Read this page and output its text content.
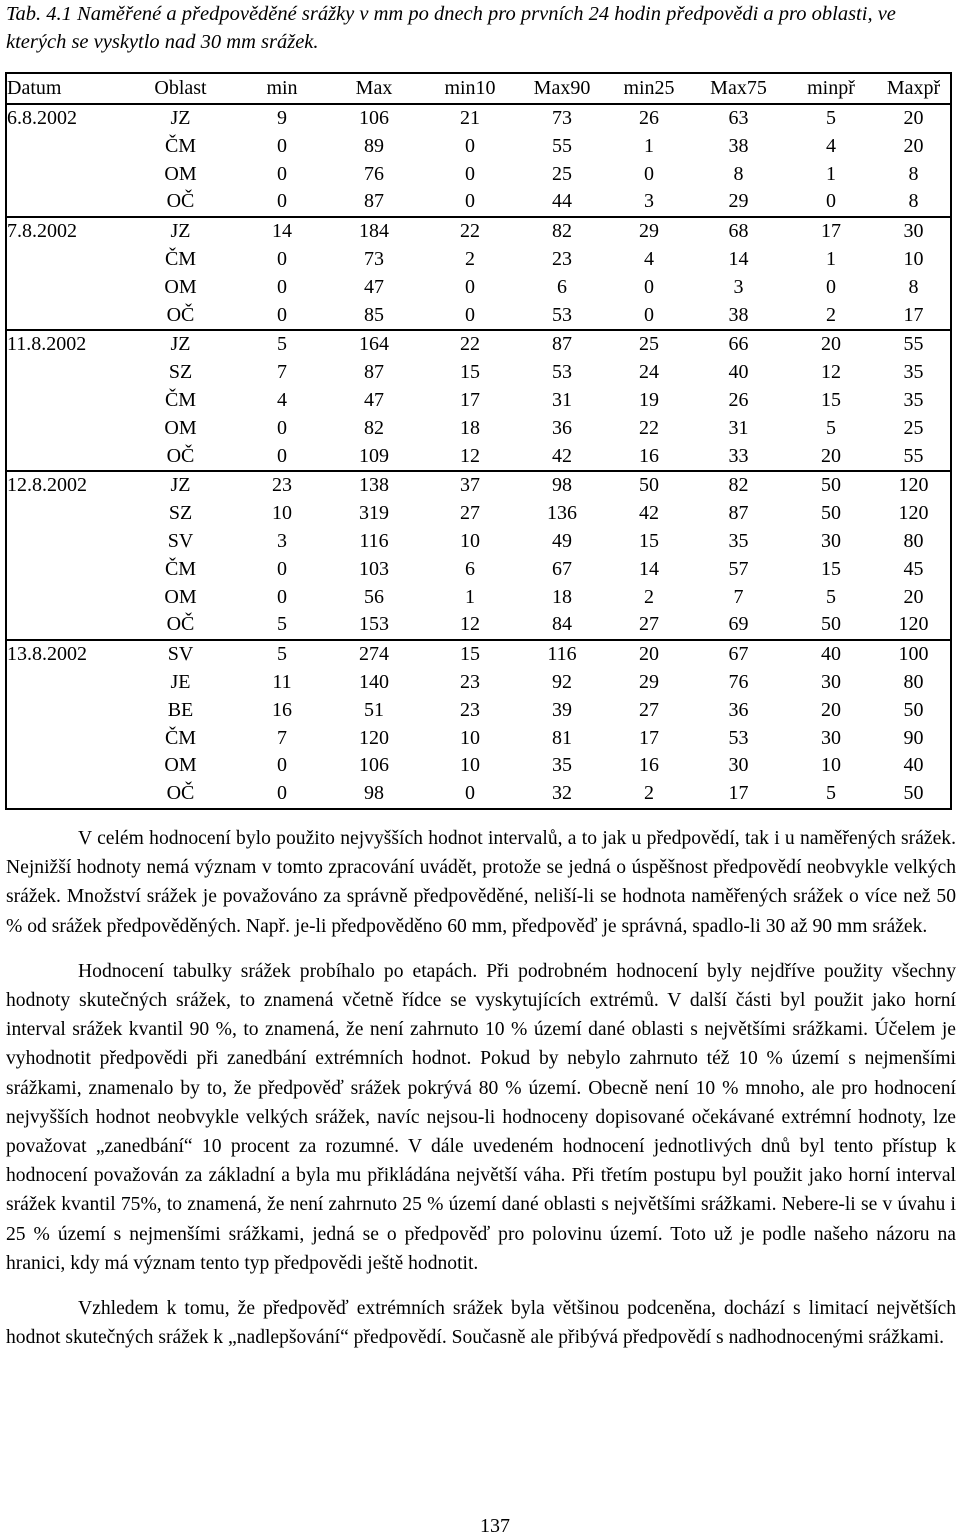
Tab. 4.1 Naměřené a předpověděné srážky v mm po dnech pro prvních 24 hodin předpovědi a pro oblasti, ve kterých se vyskytlo nad 30 mm srážek.
Datum	Oblast	min	Max	min10	Max90	min25	Max75	minpř	Maxpř
6.8.2002	JZ	9	106	21	73	26	63	5	20
	ČM	0	89	0	55	1	38	4	20
	OM	0	76	0	25	0	8	1	8
	OČ	0	87	0	44	3	29	0	8
7.8.2002	JZ	14	184	22	82	29	68	17	30
	ČM	0	73	2	23	4	14	1	10
	OM	0	47	0	6	0	3	0	8
	OČ	0	85	0	53	0	38	2	17
11.8.2002	JZ	5	164	22	87	25	66	20	55
	SZ	7	87	15	53	24	40	12	35
	ČM	4	47	17	31	19	26	15	35
	OM	0	82	18	36	22	31	5	25
	OČ	0	109	12	42	16	33	20	55
12.8.2002	JZ	23	138	37	98	50	82	50	120
	SZ	10	319	27	136	42	87	50	120
	SV	3	116	10	49	15	35	30	80
	ČM	0	103	6	67	14	57	15	45
	OM	0	56	1	18	2	7	5	20
	OČ	5	153	12	84	27	69	50	120
13.8.2002	SV	5	274	15	116	20	67	40	100
	JE	11	140	23	92	29	76	30	80
	BE	16	51	23	39	27	36	20	50
	ČM	7	120	10	81	17	53	30	90
	OM	0	106	10	35	16	30	10	40
	OČ	0	98	0	32	2	17	5	50

V celém hodnocení bylo použito nejvyšších hodnot intervalů, a to jak u předpovědí, tak i u naměřených srážek. Nejnižší hodnoty nemá význam v tomto zpracování uvádět, protože se jedná o úspěšnost předpovědí neobvykle velkých srážek. Množství srážek je považováno za správně předpověděné, neliší-li se hodnota naměřených srážek o více než 50 % od srážek předpověděných. Např. je-li předpověděno 60 mm, předpověď je správná, spadlo-li 30 až 90 mm srážek.

Hodnocení tabulky srážek probíhalo po etapách. Při podrobném hodnocení byly nejdříve použity všechny hodnoty skutečných srážek, to znamená včetně řídce se vyskytujících extrémů. V další části byl použit jako horní interval srážek kvantil 90 %, to znamená, že není zahrnuto 10 % území dané oblasti s největšími srážkami. Účelem je vyhodnotit předpovědi při zanedbání extrémních hodnot. Pokud by nebylo zahrnuto též 10 % území s nejmenšími srážkami, znamenalo by to, že předpověď srážek pokrývá 80 % území. Obecně není 10 % mnoho, ale pro hodnocení nejvyšších hodnot neobvykle velkých srážek, navíc nejsou-li hodnoceny dopisované očekávané extrémní hodnoty, lze považovat „zanedbání“ 10 procent za rozumné. V dále uvedeném hodnocení jednotlivých dnů byl tento přístup k hodnocení považován za základní a byla mu přikládána největší váha. Při třetím postupu byl použit jako horní interval srážek kvantil 75%, to znamená, že není zahrnuto 25 % území dané oblasti s největšími srážkami. Nebere-li se v úvahu i 25 % území s nejmenšími srážkami, jedná se o předpověď pro polovinu území. Toto už je podle našeho názoru na hranici, kdy má význam tento typ předpovědi ještě hodnotit.

Vzhledem k tomu, že předpověď extrémních srážek byla většinou podceněna, dochází s limitací největších hodnot skutečných srážek k „nadlepšování“ předpovědí. Současně ale přibývá předpovědí s nadhodnocenými srážkami.

137
